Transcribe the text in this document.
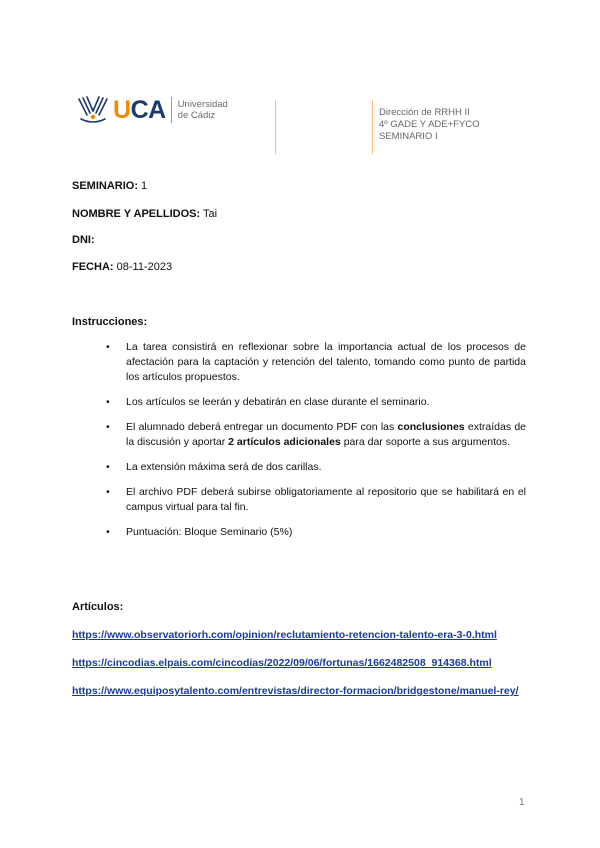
UCA Universidad
de Cádiz	Dirección de RRHH II
4º GADE Y ADE+FYCO
SEMINARIO I
SEMINARIO: 1
NOMBRE Y APELLIDOS: Tai
DNI:
FECHA: 08-11-2023
Instrucciones:
• La tarea consistirá en reflexionar sobre la importancia actual de los procesos de afectación para la captación y retención del talento, tomando como punto de partida los artículos propuestos.
• Los artículos se leerán y debatirán en clase durante el seminario.
• El alumnado deberá entregar un documento PDF con las conclusiones extraídas de la discusión y aportar 2 artículos adicionales para dar soporte a sus argumentos.
• La extensión máxima será de dos carillas.
• El archivo PDF deberá subirse obligatoriamente al repositorio que se habilitará en el campus virtual para tal fin.
• Puntuación: Bloque Seminario (5%)
Artículos:
https://www.observatoriorh.com/opinion/reclutamiento-retencion-talento-era-3-0.html
https://cincodias.elpais.com/cincodias/2022/09/06/fortunas/1662482508_914368.html
https://www.equiposytalento.com/entrevistas/director-formacion/bridgestone/manuel-rey/
1
